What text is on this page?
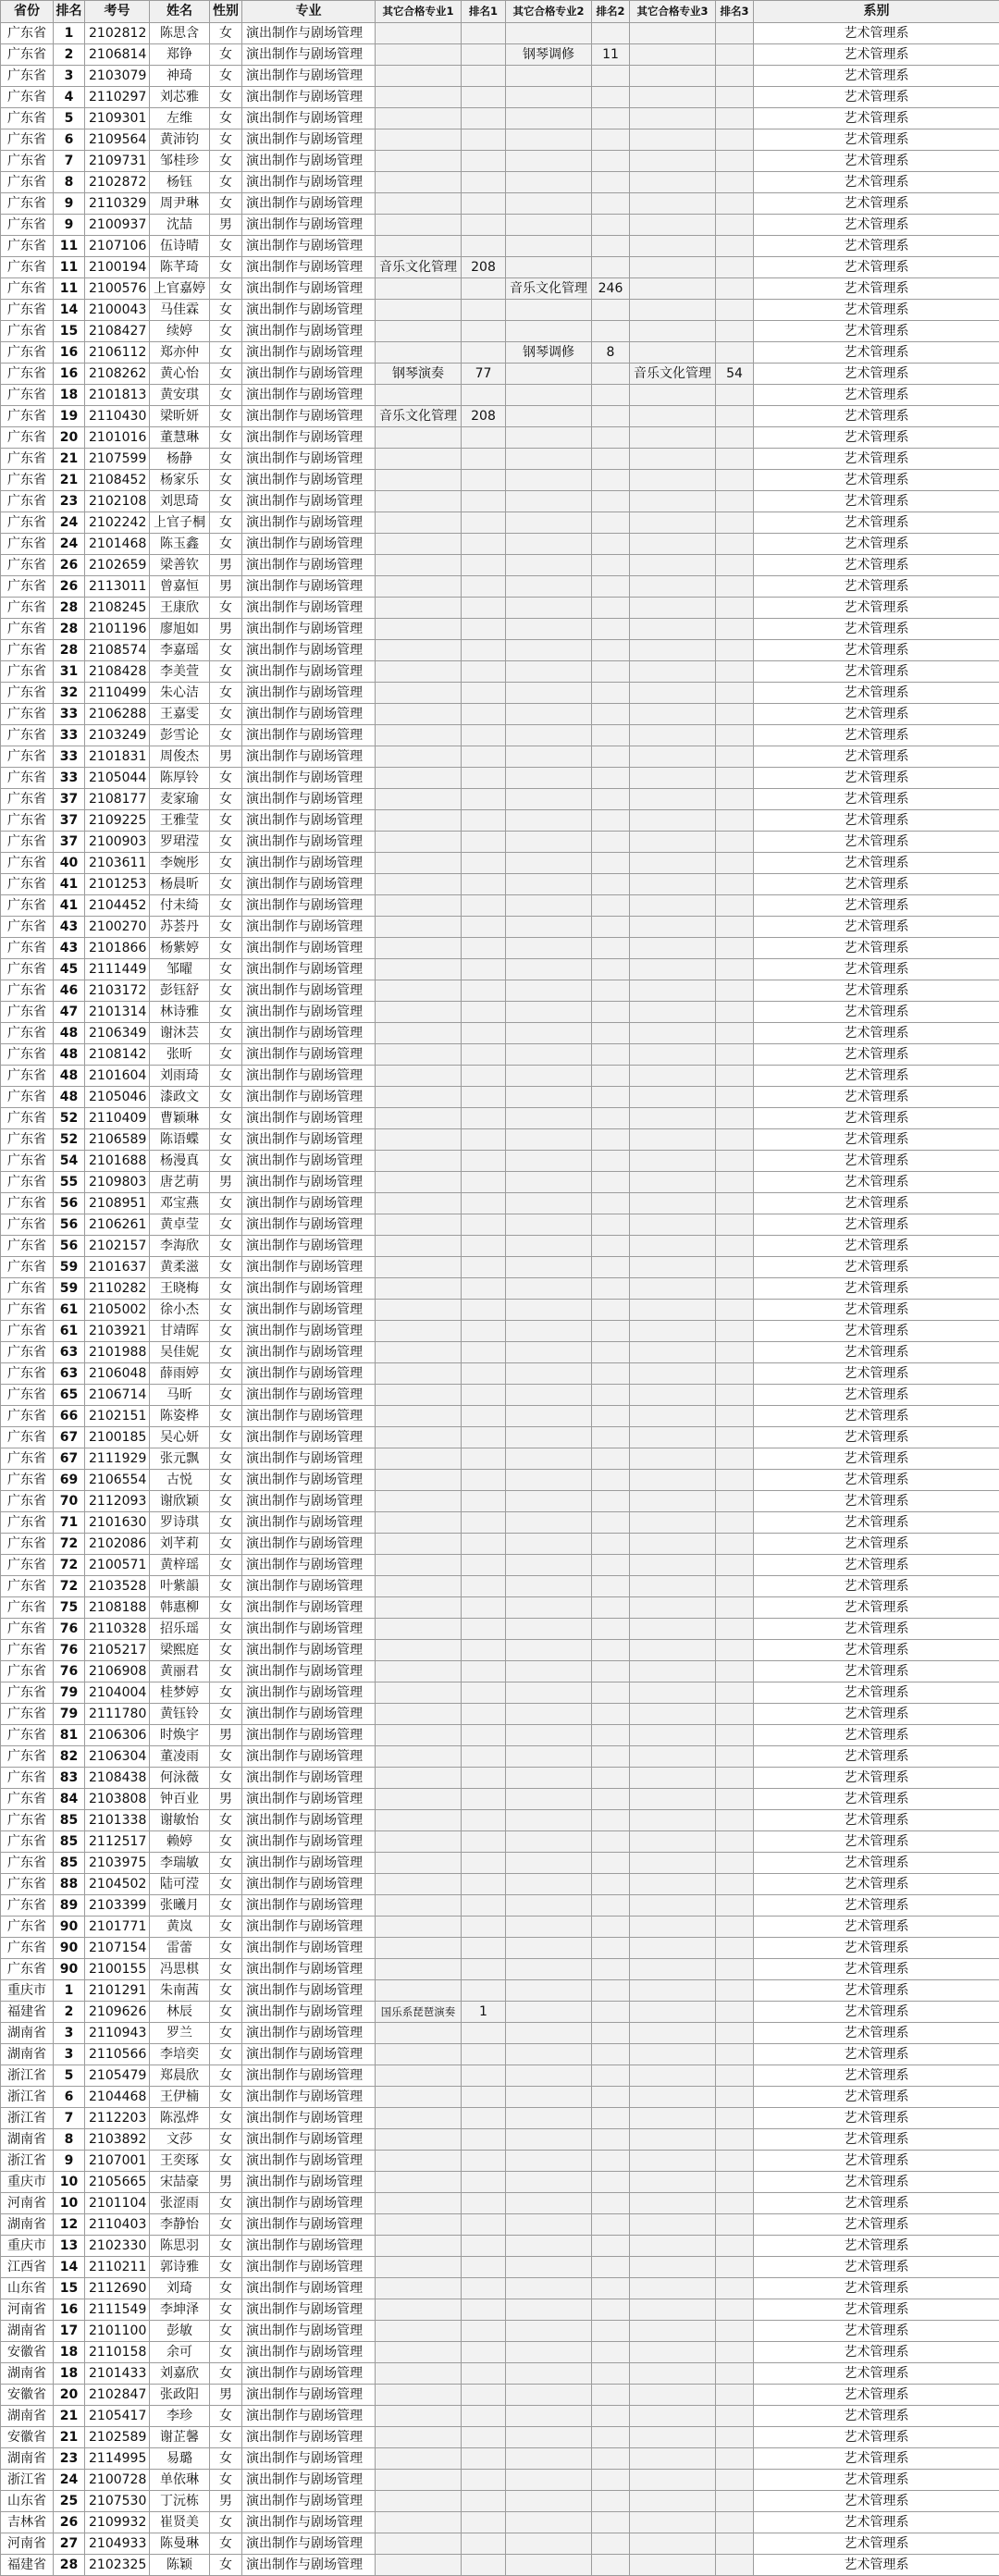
省份	排名	考号	姓名	性别	专业	其它合格专业1	排名1	其它合格专业2	排名2	其它合格专业3	排名3	系别
广东省	1	2102812	陈思含	女	演出制作与剧场管理							艺术管理系
广东省	2	2106814	郑铮	女	演出制作与剧场管理			钢琴调修	11			艺术管理系
广东省	3	2103079	神琦	女	演出制作与剧场管理							艺术管理系
广东省	4	2110297	刘芯雅	女	演出制作与剧场管理							艺术管理系
广东省	5	2109301	左维	女	演出制作与剧场管理							艺术管理系
广东省	6	2109564	黄沛钧	女	演出制作与剧场管理							艺术管理系
广东省	7	2109731	邹桂珍	女	演出制作与剧场管理							艺术管理系
广东省	8	2102872	杨钰	女	演出制作与剧场管理							艺术管理系
广东省	9	2110329	周尹琳	女	演出制作与剧场管理							艺术管理系
广东省	9	2100937	沈喆	男	演出制作与剧场管理							艺术管理系
广东省	11	2107106	伍诗晴	女	演出制作与剧场管理							艺术管理系
广东省	11	2100194	陈芊琦	女	演出制作与剧场管理	音乐文化管理	208					艺术管理系
广东省	11	2100576	上官嘉婷	女	演出制作与剧场管理			音乐文化管理	246			艺术管理系
广东省	14	2100043	马佳霖	女	演出制作与剧场管理							艺术管理系
广东省	15	2108427	续婷	女	演出制作与剧场管理							艺术管理系
广东省	16	2106112	郑亦仲	女	演出制作与剧场管理			钢琴调修	8			艺术管理系
广东省	16	2108262	黄心怡	女	演出制作与剧场管理	钢琴演奏	77			音乐文化管理	54	艺术管理系
广东省	18	2101813	黄安琪	女	演出制作与剧场管理							艺术管理系
广东省	19	2110430	梁昕妍	女	演出制作与剧场管理	音乐文化管理	208					艺术管理系
广东省	20	2101016	董慧琳	女	演出制作与剧场管理							艺术管理系
广东省	21	2107599	杨静	女	演出制作与剧场管理							艺术管理系
广东省	21	2108452	杨家乐	女	演出制作与剧场管理							艺术管理系
广东省	23	2102108	刘思琦	女	演出制作与剧场管理							艺术管理系
广东省	24	2102242	上官子桐	女	演出制作与剧场管理							艺术管理系
广东省	24	2101468	陈玉鑫	女	演出制作与剧场管理							艺术管理系
广东省	26	2102659	梁善钦	男	演出制作与剧场管理							艺术管理系
广东省	26	2113011	曾嘉恒	男	演出制作与剧场管理							艺术管理系
广东省	28	2108245	王康欣	女	演出制作与剧场管理							艺术管理系
广东省	28	2101196	廖旭如	男	演出制作与剧场管理							艺术管理系
广东省	28	2108574	李嘉瑶	女	演出制作与剧场管理							艺术管理系
广东省	31	2108428	李美萱	女	演出制作与剧场管理							艺术管理系
广东省	32	2110499	朱心洁	女	演出制作与剧场管理							艺术管理系
广东省	33	2106288	王嘉雯	女	演出制作与剧场管理							艺术管理系
广东省	33	2103249	彭雪论	女	演出制作与剧场管理							艺术管理系
广东省	33	2101831	周俊杰	男	演出制作与剧场管理							艺术管理系
广东省	33	2105044	陈厚铃	女	演出制作与剧场管理							艺术管理系
广东省	37	2108177	麦家瑜	女	演出制作与剧场管理							艺术管理系
广东省	37	2109225	王雅莹	女	演出制作与剧场管理							艺术管理系
广东省	37	2100903	罗珺滢	女	演出制作与剧场管理							艺术管理系
广东省	40	2103611	李婉彤	女	演出制作与剧场管理							艺术管理系
广东省	41	2101253	杨晨昕	女	演出制作与剧场管理							艺术管理系
广东省	41	2104452	付未绮	女	演出制作与剧场管理							艺术管理系
广东省	43	2100270	苏荟丹	女	演出制作与剧场管理							艺术管理系
广东省	43	2101866	杨紫婷	女	演出制作与剧场管理							艺术管理系
广东省	45	2111449	邹曜	女	演出制作与剧场管理							艺术管理系
广东省	46	2103172	彭钰舒	女	演出制作与剧场管理							艺术管理系
广东省	47	2101314	林诗雅	女	演出制作与剧场管理							艺术管理系
广东省	48	2106349	谢沐芸	女	演出制作与剧场管理							艺术管理系
广东省	48	2108142	张昕	女	演出制作与剧场管理							艺术管理系
广东省	48	2101604	刘雨琦	女	演出制作与剧场管理							艺术管理系
广东省	48	2105046	漆政文	女	演出制作与剧场管理							艺术管理系
广东省	52	2110409	曹颖琳	女	演出制作与剧场管理							艺术管理系
广东省	52	2106589	陈语蝶	女	演出制作与剧场管理							艺术管理系
广东省	54	2101688	杨漫真	女	演出制作与剧场管理							艺术管理系
广东省	55	2109803	唐艺萌	男	演出制作与剧场管理							艺术管理系
广东省	56	2108951	邓宝燕	女	演出制作与剧场管理							艺术管理系
广东省	56	2106261	黄卓莹	女	演出制作与剧场管理							艺术管理系
广东省	56	2102157	李海欣	女	演出制作与剧场管理							艺术管理系
广东省	59	2101637	黄柔滋	女	演出制作与剧场管理							艺术管理系
广东省	59	2110282	王晓梅	女	演出制作与剧场管理							艺术管理系
广东省	61	2105002	徐小杰	女	演出制作与剧场管理							艺术管理系
广东省	61	2103921	甘靖晖	女	演出制作与剧场管理							艺术管理系
广东省	63	2101988	吴佳妮	女	演出制作与剧场管理							艺术管理系
广东省	63	2106048	薛雨婷	女	演出制作与剧场管理							艺术管理系
广东省	65	2106714	马昕	女	演出制作与剧场管理							艺术管理系
广东省	66	2102151	陈姿桦	女	演出制作与剧场管理							艺术管理系
广东省	67	2100185	吴心妍	女	演出制作与剧场管理							艺术管理系
广东省	67	2111929	张元飘	女	演出制作与剧场管理							艺术管理系
广东省	69	2106554	古悦	女	演出制作与剧场管理							艺术管理系
广东省	70	2112093	谢欣颖	女	演出制作与剧场管理							艺术管理系
广东省	71	2101630	罗诗琪	女	演出制作与剧场管理							艺术管理系
广东省	72	2102086	刘芊莉	女	演出制作与剧场管理							艺术管理系
广东省	72	2100571	黄梓瑶	女	演出制作与剧场管理							艺术管理系
广东省	72	2103528	叶紫韻	女	演出制作与剧场管理							艺术管理系
广东省	75	2108188	韩惠柳	女	演出制作与剧场管理							艺术管理系
广东省	76	2110328	招乐瑶	女	演出制作与剧场管理							艺术管理系
广东省	76	2105217	梁熙庭	女	演出制作与剧场管理							艺术管理系
广东省	76	2106908	黄丽君	女	演出制作与剧场管理							艺术管理系
广东省	79	2104004	桂梦婷	女	演出制作与剧场管理							艺术管理系
广东省	79	2111780	黄钰铃	女	演出制作与剧场管理							艺术管理系
广东省	81	2106306	时焕宇	男	演出制作与剧场管理							艺术管理系
广东省	82	2106304	董凌雨	女	演出制作与剧场管理							艺术管理系
广东省	83	2108438	何泳薇	女	演出制作与剧场管理							艺术管理系
广东省	84	2103808	钟百业	男	演出制作与剧场管理							艺术管理系
广东省	85	2101338	谢敏怡	女	演出制作与剧场管理							艺术管理系
广东省	85	2112517	赖婷	女	演出制作与剧场管理							艺术管理系
广东省	85	2103975	李瑞敏	女	演出制作与剧场管理							艺术管理系
广东省	88	2104502	陆可滢	女	演出制作与剧场管理							艺术管理系
广东省	89	2103399	张曦月	女	演出制作与剧场管理							艺术管理系
广东省	90	2101771	黄岚	女	演出制作与剧场管理							艺术管理系
广东省	90	2107154	雷蕾	女	演出制作与剧场管理							艺术管理系
广东省	90	2100155	冯思棋	女	演出制作与剧场管理							艺术管理系
重庆市	1	2101291	朱南茜	女	演出制作与剧场管理							艺术管理系
福建省	2	2109626	林辰	女	演出制作与剧场管理	国乐系琵琶演奏	1					艺术管理系
湖南省	3	2110943	罗兰	女	演出制作与剧场管理							艺术管理系
湖南省	3	2110566	李培奕	女	演出制作与剧场管理							艺术管理系
浙江省	5	2105479	郑晨欣	女	演出制作与剧场管理							艺术管理系
浙江省	6	2104468	王伊楠	女	演出制作与剧场管理							艺术管理系
浙江省	7	2112203	陈泓烨	女	演出制作与剧场管理							艺术管理系
湖南省	8	2103892	文莎	女	演出制作与剧场管理							艺术管理系
浙江省	9	2107001	王奕琢	女	演出制作与剧场管理							艺术管理系
重庆市	10	2105665	宋喆豪	男	演出制作与剧场管理							艺术管理系
河南省	10	2101104	张涩雨	女	演出制作与剧场管理							艺术管理系
湖南省	12	2110403	李静怡	女	演出制作与剧场管理							艺术管理系
重庆市	13	2102330	陈思羽	女	演出制作与剧场管理							艺术管理系
江西省	14	2110211	郭诗雅	女	演出制作与剧场管理							艺术管理系
山东省	15	2112690	刘琦	女	演出制作与剧场管理							艺术管理系
河南省	16	2111549	李坤泽	女	演出制作与剧场管理							艺术管理系
湖南省	17	2101100	彭敏	女	演出制作与剧场管理							艺术管理系
安徽省	18	2110158	余可	女	演出制作与剧场管理							艺术管理系
湖南省	18	2101433	刘嘉欣	女	演出制作与剧场管理							艺术管理系
安徽省	20	2102847	张政阳	男	演出制作与剧场管理							艺术管理系
湖南省	21	2105417	李珍	女	演出制作与剧场管理							艺术管理系
安徽省	21	2102589	谢芷馨	女	演出制作与剧场管理							艺术管理系
湖南省	23	2114995	易璐	女	演出制作与剧场管理							艺术管理系
浙江省	24	2100728	单依琳	女	演出制作与剧场管理							艺术管理系
山东省	25	2107530	丁沅栋	男	演出制作与剧场管理							艺术管理系
吉林省	26	2109932	崔贤美	女	演出制作与剧场管理							艺术管理系
河南省	27	2104933	陈曼琳	女	演出制作与剧场管理							艺术管理系
福建省	28	2102325	陈颖	女	演出制作与剧场管理							艺术管理系
